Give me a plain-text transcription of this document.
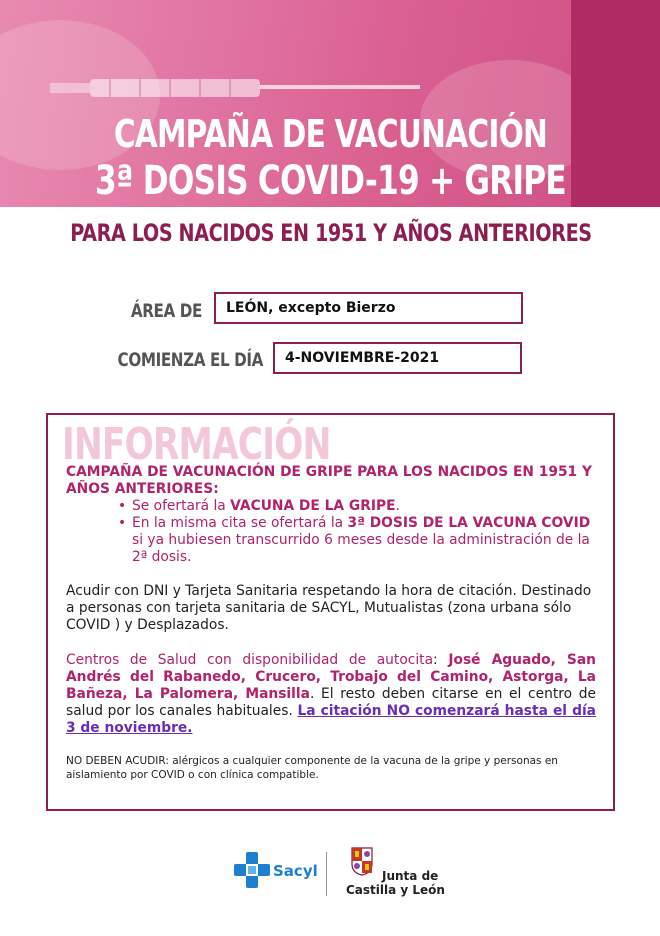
CAMPAÑA DE VACUNACIÓN
3ª DOSIS COVID-19 + GRIPE
PARA LOS NACIDOS EN 1951 Y AÑOS ANTERIORES
ÁREA DE	LEÓN, excepto Bierzo
COMIENZA EL DÍA	4-NOVIEMBRE-2021
INFORMACIÓN
CAMPAÑA DE VACUNACIÓN DE GRIPE PARA LOS NACIDOS EN 1951 Y AÑOS ANTERIORES:
• Se ofertará la VACUNA DE LA GRIPE.
• En la misma cita se ofertará la 3ª DOSIS DE LA VACUNA COVID si ya hubiesen transcurrido 6 meses desde la administración de la 2ª dosis.
Acudir con DNI y Tarjeta Sanitaria respetando la hora de citación. Destinado a personas con tarjeta sanitaria de SACYL, Mutualistas (zona urbana sólo COVID ) y Desplazados.
Centros de Salud con disponibilidad de autocita: José Aguado, San Andrés del Rabanedo, Crucero, Trobajo del Camino, Astorga, La Bañeza, La Palomera, Mansilla. El resto deben citarse en el centro de salud por los canales habituales. La citación NO comenzará hasta el día 3 de noviembre.
NO DEBEN ACUDIR: alérgicos a cualquier componente de la vacuna de la gripe y personas en aislamiento por COVID o con clínica compatible.
Sacyl	Junta de
Castilla y León
